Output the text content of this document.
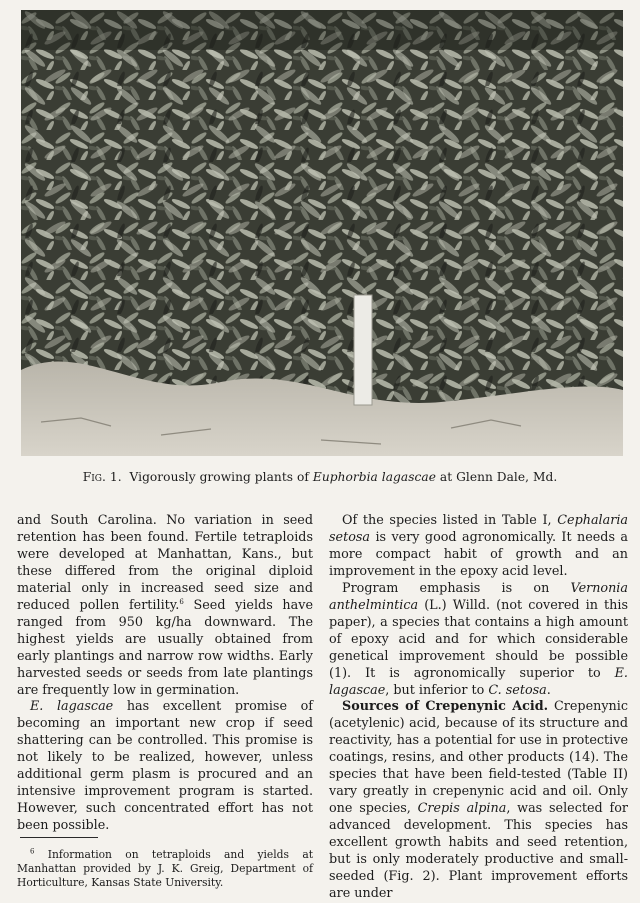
Fig. 1. Vigorously growing plants of Euphorbia lagascae at Glenn Dale, Md.

and South Carolina. No variation in seed retention has been found. Fertile tetraploids were developed at Manhattan, Kans., but these differed from the original diploid material only in increased seed size and reduced pollen fertility.$^6$ Seed yields have ranged from 950 kg/ha downward. The highest yields are usually obtained from early plantings and narrow row widths. Early harvested seeds or seeds from late plantings are frequently low in germination.

E. lagascae has excellent promise of becoming an important new crop if seed shattering can be controlled. This promise is not likely to be realized, however, unless additional germ plasm is procured and an intensive improvement program is started. However, such concentrated effort has not been possible.

$^6$ Information on tetraploids and yields at Manhattan provided by J. K. Greig, Department of Horticulture, Kansas State University.

Of the species listed in Table I, Cephalaria setosa is very good agronomically. It needs a more compact habit of growth and an improvement in the epoxy acid level.

Program emphasis is on Vernonia anthelmintica (L.) Willd. (not covered in this paper), a species that contains a high amount of epoxy acid and for which considerable genetical improvement should be possible (1). It is agronomically superior to E. lagascae, but inferior to C. setosa.

Sources of Crepenynic Acid. Crepenynic (acetylenic) acid, because of its structure and reactivity, has a potential for use in protective coatings, resins, and other products (14). The species that have been field-tested (Table II) vary greatly in crepenynic acid and oil. Only one species, Crepis alpina, was selected for advanced development. This species has excellent growth habits and seed retention, but is only moderately productive and small-seeded (Fig. 2). Plant improvement efforts are under
